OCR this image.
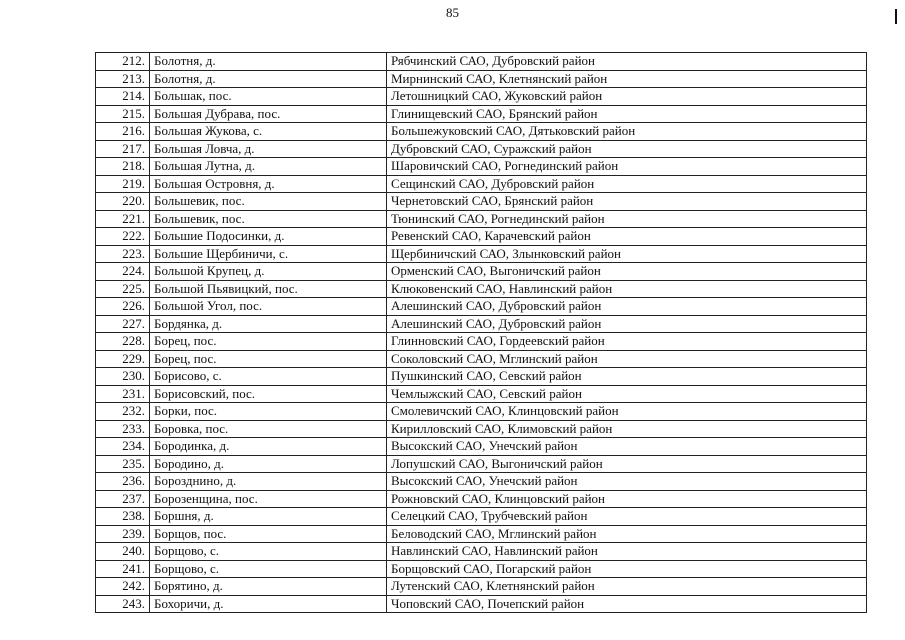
85
212.	Болотня, д.	Рябчинский САО, Дубровский район
213.	Болотня, д.	Мирнинский САО, Клетнянский район
214.	Большак, пос.	Летошницкий САО, Жуковский район
215.	Большая Дубрава, пос.	Глинищевский САО, Брянский район
216.	Большая Жукова, с.	Большежуковский САО, Дятьковский район
217.	Большая Ловча, д.	Дубровский САО, Суражский район
218.	Большая Лутна, д.	Шаровичский САО, Рогнединский район
219.	Большая Островня, д.	Сещинский САО, Дубровский район
220.	Большевик, пос.	Чернетовский САО, Брянский район
221.	Большевик, пос.	Тюнинский САО, Рогнединский район
222.	Большие Подосинки, д.	Ревенский САО, Карачевский район
223.	Большие Щербиничи, с.	Щербиничский САО, Злынковский район
224.	Большой Крупец, д.	Орменский САО, Выгоничский район
225.	Большой Пьявицкий, пос.	Клюковенский САО, Навлинский район
226.	Большой Угол, пос.	Алешинский САО, Дубровский район
227.	Бордянка, д.	Алешинский САО, Дубровский район
228.	Борец, пос.	Глинновский САО, Гордеевский район
229.	Борец, пос.	Соколовский САО, Мглинский район
230.	Борисово, с.	Пушкинский САО, Севский район
231.	Борисовский, пос.	Чемлыжский САО, Севский район
232.	Борки, пос.	Смолевичский САО, Клинцовский район
233.	Боровка, пос.	Кирилловский САО, Климовский район
234.	Бородинка, д.	Высокский САО, Унечский район
235.	Бородино, д.	Лопушский САО, Выгоничский район
236.	Борозднино, д.	Высокский САО, Унечский район
237.	Борозенщина, пос.	Рожновский САО, Клинцовский район
238.	Боршня, д.	Селецкий САО, Трубчевский район
239.	Борщов, пос.	Беловодский САО, Мглинский район
240.	Борщово, с.	Навлинский САО, Навлинский район
241.	Борщово, с.	Борщовский САО, Погарский район
242.	Борятино, д.	Лутенский САО, Клетнянский район
243.	Бохоричи, д.	Чоповский САО, Почепский район
